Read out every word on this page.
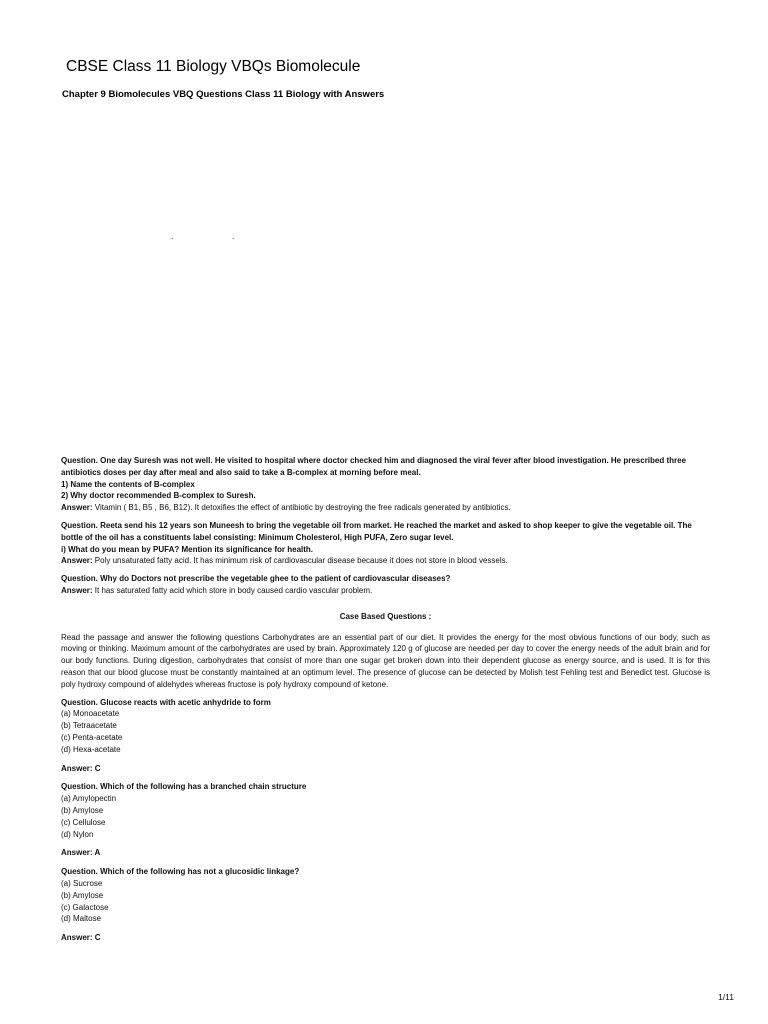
CBSE Class 11 Biology VBQs Biomolecule
Chapter 9 Biomolecules VBQ Questions Class 11 Biology with Answers
.	.

Question. One day Suresh was not well. He visited to hospital where doctor checked him and diagnosed the viral fever after blood investigation. He prescribed three antibiotics doses per day after meal and also said to take a B-complex at morning before meal.

1) Name the contents of B-complex

2) Why doctor recommended B-complex to Suresh.

Answer: Vitamin ( B1, B5 , B6, B12). It detoxifies the effect of antibiotic by destroying the free radicals generated by antibiotics.

Question. Reeta send his 12 years son Muneesh to bring the vegetable oil from market. He reached the market and asked to shop keeper to give the vegetable oil. The bottle of the oil has a constituents label consisting: Minimum Cholesterol, High PUFA, Zero sugar level.

i) What do you mean by PUFA? Mention its significance for health.

Answer: Poly unsaturated fatty acid. It has minimum risk of cardiovascular disease because it does not store in blood vessels.

Question. Why do Doctors not prescribe the vegetable ghee to the patient of cardiovascular diseases?

Answer: It has saturated fatty acid which store in body caused cardio vascular problem.

Case Based Questions :

Read the passage and answer the following questions Carbohydrates are an essential part of our diet. It provides the energy for the most obvious functions of our body, such as moving or thinking. Maximum amount of the carbohydrates are used by brain. Approximately 120 g of glucose are needed per day to cover the energy needs of the adult brain and for our body functions. During digestion, carbohydrates that consist of more than one sugar get broken down into their dependent glucose as energy source, and is used. It is for this reason that our blood glucose must be constantly maintained at an optimum level. The presence of glucose can be detected by Molish test Fehling test and Benedict test. Glucose is poly hydroxy compound of aldehydes whereas fructose is poly hydroxy compound of ketone.

Question. Glucose reacts with acetic anhydride to form

(a) Monoacetate

(b) Tetraacetate

(c) Penta-acetate

(d) Hexa-acetate

Answer: C

Question. Which of the following has a branched chain structure

(a) Amylopectin

(b) Amylose

(c) Cellulose

(d) Nylon

Answer: A

Question. Which of the following has not a glucosidic linkage?

(a) Sucrose

(b) Amylose

(c) Galactose

(d) Maltose

Answer: C

1/11
